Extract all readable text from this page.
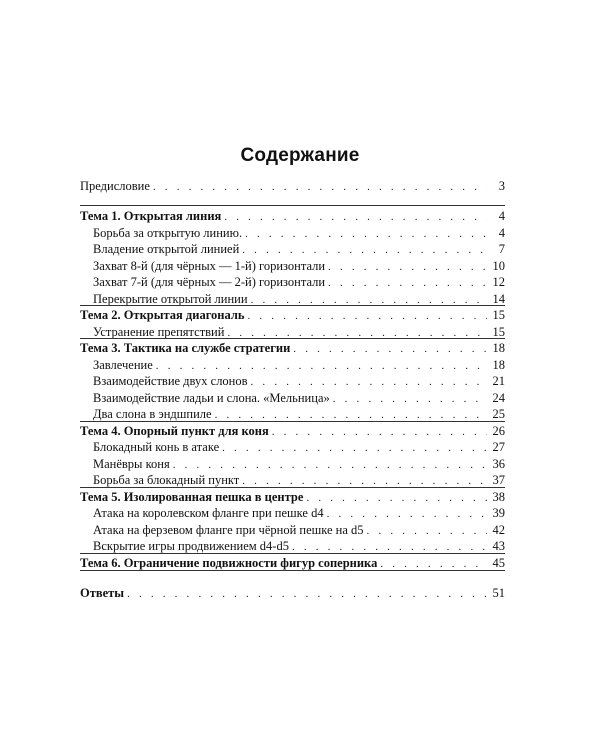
Содержание
Предисловие . . .	3
Тема 1. Открытая линия . . .	4
Борьба за открытую линию. . . .	4
Владение открытой линией . . .	7
Захват 8-й (для чёрных — 1-й) горизонтали . . .	10
Захват 7-й (для чёрных — 2-й) горизонтали . . .	12
Перекрытие открытой линии . . .	14
Тема 2. Открытая диагональ . . .	15
Устранение препятствий . . .	15
Тема 3. Тактика на службе стратегии . . .	18
Завлечение . . .	18
Взаимодействие двух слонов . . .	21
Взаимодействие ладьи и слона. «Мельница» . . .	24
Два слона в эндшпиле . . .	25
Тема 4. Опорный пункт для коня . . .	26
Блокадный конь в атаке . . .	27
Манёвры коня . . .	36
Борьба за блокадный пункт . . .	37
Тема 5. Изолированная пешка в центре . . .	38
Атака на королевском фланге при пешке d4 . . .	39
Атака на ферзевом фланге при чёрной пешке на d5 . . .	42
Вскрытие игры продвижением d4-d5 . . .	43
Тема 6. Ограничение подвижности фигур соперника . . .	45
Ответы . . .	51
